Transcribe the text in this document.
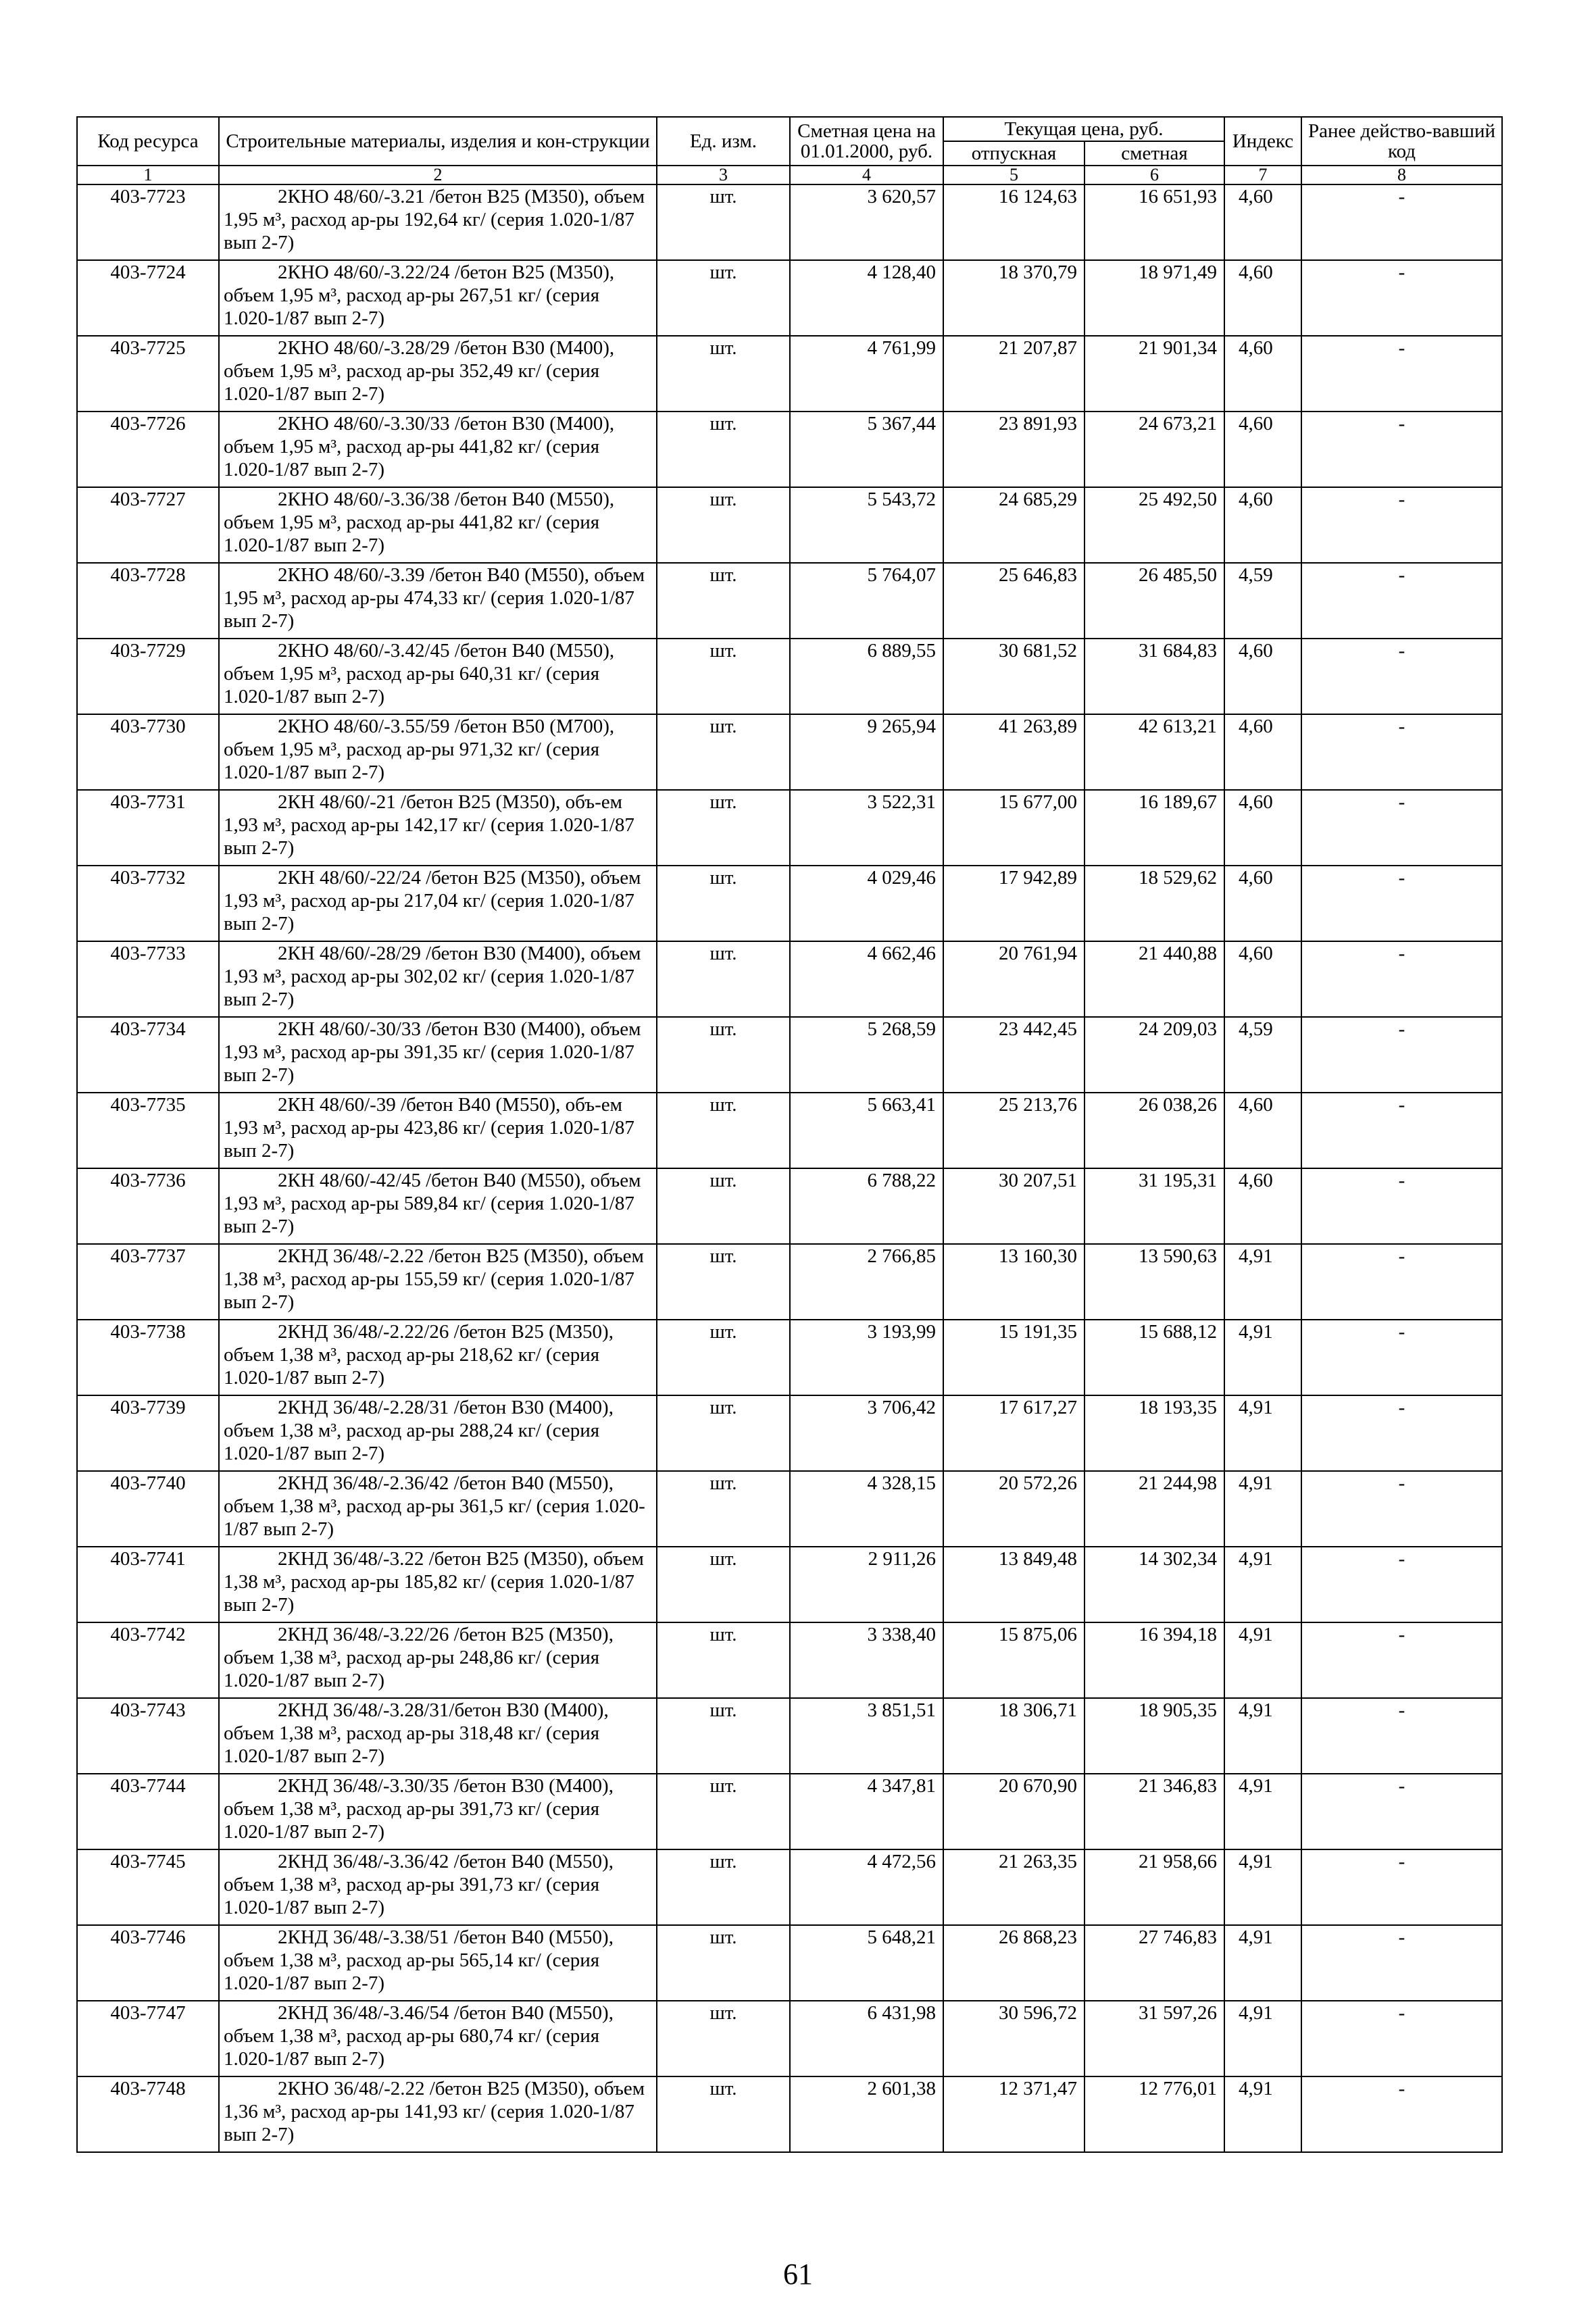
Код ресурса	Строительные материалы, изделия и кон-струкции	Ед. изм.	Сметная цена на 01.01.2000, руб.	Текущая цена, руб.		Индекс	Ранее действо-вавший код
				отпускная	сметная		
1	2	3	4	5	6	7	8
403-7723	2КНО 48/60/-3.21 /бетон В25 (М350), объем 1,95 м³, расход ар-ры 192,64 кг/ (серия 1.020-1/87 вып 2-7)	шт.	3 620,57	16 124,63	16 651,93	4,60	-
403-7724	2КНО 48/60/-3.22/24 /бетон В25 (М350), объем 1,95 м³, расход ар-ры 267,51 кг/ (серия 1.020-1/87 вып 2-7)	шт.	4 128,40	18 370,79	18 971,49	4,60	-
403-7725	2КНО 48/60/-3.28/29 /бетон В30 (М400), объем 1,95 м³, расход ар-ры 352,49 кг/ (серия 1.020-1/87 вып 2-7)	шт.	4 761,99	21 207,87	21 901,34	4,60	-
403-7726	2КНО 48/60/-3.30/33 /бетон В30 (М400), объем 1,95 м³, расход ар-ры 441,82 кг/ (серия 1.020-1/87 вып 2-7)	шт.	5 367,44	23 891,93	24 673,21	4,60	-
403-7727	2КНО 48/60/-3.36/38 /бетон В40 (М550), объем 1,95 м³, расход ар-ры 441,82 кг/ (серия 1.020-1/87 вып 2-7)	шт.	5 543,72	24 685,29	25 492,50	4,60	-
403-7728	2КНО 48/60/-3.39 /бетон В40 (М550), объем 1,95 м³, расход ар-ры 474,33 кг/ (серия 1.020-1/87 вып 2-7)	шт.	5 764,07	25 646,83	26 485,50	4,59	-
403-7729	2КНО 48/60/-3.42/45 /бетон В40 (М550), объем 1,95 м³, расход ар-ры 640,31 кг/ (серия 1.020-1/87 вып 2-7)	шт.	6 889,55	30 681,52	31 684,83	4,60	-
403-7730	2КНО 48/60/-3.55/59 /бетон В50 (М700), объем 1,95 м³, расход ар-ры 971,32 кг/ (серия 1.020-1/87 вып 2-7)	шт.	9 265,94	41 263,89	42 613,21	4,60	-
403-7731	2КН 48/60/-21 /бетон В25 (М350), объ-ем 1,93 м³, расход ар-ры 142,17 кг/ (серия 1.020-1/87 вып 2-7)	шт.	3 522,31	15 677,00	16 189,67	4,60	-
403-7732	2КН 48/60/-22/24 /бетон В25 (М350), объем 1,93 м³, расход ар-ры 217,04 кг/ (серия 1.020-1/87 вып 2-7)	шт.	4 029,46	17 942,89	18 529,62	4,60	-
403-7733	2КН 48/60/-28/29 /бетон В30 (М400), объем 1,93 м³, расход ар-ры 302,02 кг/ (серия 1.020-1/87 вып 2-7)	шт.	4 662,46	20 761,94	21 440,88	4,60	-
403-7734	2КН 48/60/-30/33 /бетон В30 (М400), объем 1,93 м³, расход ар-ры 391,35 кг/ (серия 1.020-1/87 вып 2-7)	шт.	5 268,59	23 442,45	24 209,03	4,59	-
403-7735	2КН 48/60/-39 /бетон В40 (М550), объ-ем 1,93 м³, расход ар-ры 423,86 кг/ (серия 1.020-1/87 вып 2-7)	шт.	5 663,41	25 213,76	26 038,26	4,60	-
403-7736	2КН 48/60/-42/45 /бетон В40 (М550), объем 1,93 м³, расход ар-ры 589,84 кг/ (серия 1.020-1/87 вып 2-7)	шт.	6 788,22	30 207,51	31 195,31	4,60	-
403-7737	2КНД 36/48/-2.22 /бетон В25 (М350), объем 1,38 м³, расход ар-ры 155,59 кг/ (серия 1.020-1/87 вып 2-7)	шт.	2 766,85	13 160,30	13 590,63	4,91	-
403-7738	2КНД 36/48/-2.22/26 /бетон В25 (М350), объем 1,38 м³, расход ар-ры 218,62 кг/ (серия 1.020-1/87 вып 2-7)	шт.	3 193,99	15 191,35	15 688,12	4,91	-
403-7739	2КНД 36/48/-2.28/31 /бетон В30 (М400), объем 1,38 м³, расход ар-ры 288,24 кг/ (серия 1.020-1/87 вып 2-7)	шт.	3 706,42	17 617,27	18 193,35	4,91	-
403-7740	2КНД 36/48/-2.36/42 /бетон В40 (М550), объем 1,38 м³, расход ар-ры 361,5 кг/ (серия 1.020-1/87 вып 2-7)	шт.	4 328,15	20 572,26	21 244,98	4,91	-
403-7741	2КНД 36/48/-3.22 /бетон В25 (М350), объем 1,38 м³, расход ар-ры 185,82 кг/ (серия 1.020-1/87 вып 2-7)	шт.	2 911,26	13 849,48	14 302,34	4,91	-
403-7742	2КНД 36/48/-3.22/26 /бетон В25 (М350), объем 1,38 м³, расход ар-ры 248,86 кг/ (серия 1.020-1/87 вып 2-7)	шт.	3 338,40	15 875,06	16 394,18	4,91	-
403-7743	2КНД 36/48/-3.28/31/бетон В30 (М400), объем 1,38 м³, расход ар-ры 318,48 кг/ (серия 1.020-1/87 вып 2-7)	шт.	3 851,51	18 306,71	18 905,35	4,91	-
403-7744	2КНД 36/48/-3.30/35 /бетон В30 (М400), объем 1,38 м³, расход ар-ры 391,73 кг/ (серия 1.020-1/87 вып 2-7)	шт.	4 347,81	20 670,90	21 346,83	4,91	-
403-7745	2КНД 36/48/-3.36/42 /бетон В40 (М550), объем 1,38 м³, расход ар-ры 391,73 кг/ (серия 1.020-1/87 вып 2-7)	шт.	4 472,56	21 263,35	21 958,66	4,91	-
403-7746	2КНД 36/48/-3.38/51 /бетон В40 (М550), объем 1,38 м³, расход ар-ры 565,14 кг/ (серия 1.020-1/87 вып 2-7)	шт.	5 648,21	26 868,23	27 746,83	4,91	-
403-7747	2КНД 36/48/-3.46/54 /бетон В40 (М550), объем 1,38 м³, расход ар-ры 680,74 кг/ (серия 1.020-1/87 вып 2-7)	шт.	6 431,98	30 596,72	31 597,26	4,91	-
403-7748	2КНО 36/48/-2.22 /бетон В25 (М350), объем 1,36 м³, расход ар-ры 141,93 кг/ (серия 1.020-1/87 вып 2-7)	шт.	2 601,38	12 371,47	12 776,01	4,91	-
61
